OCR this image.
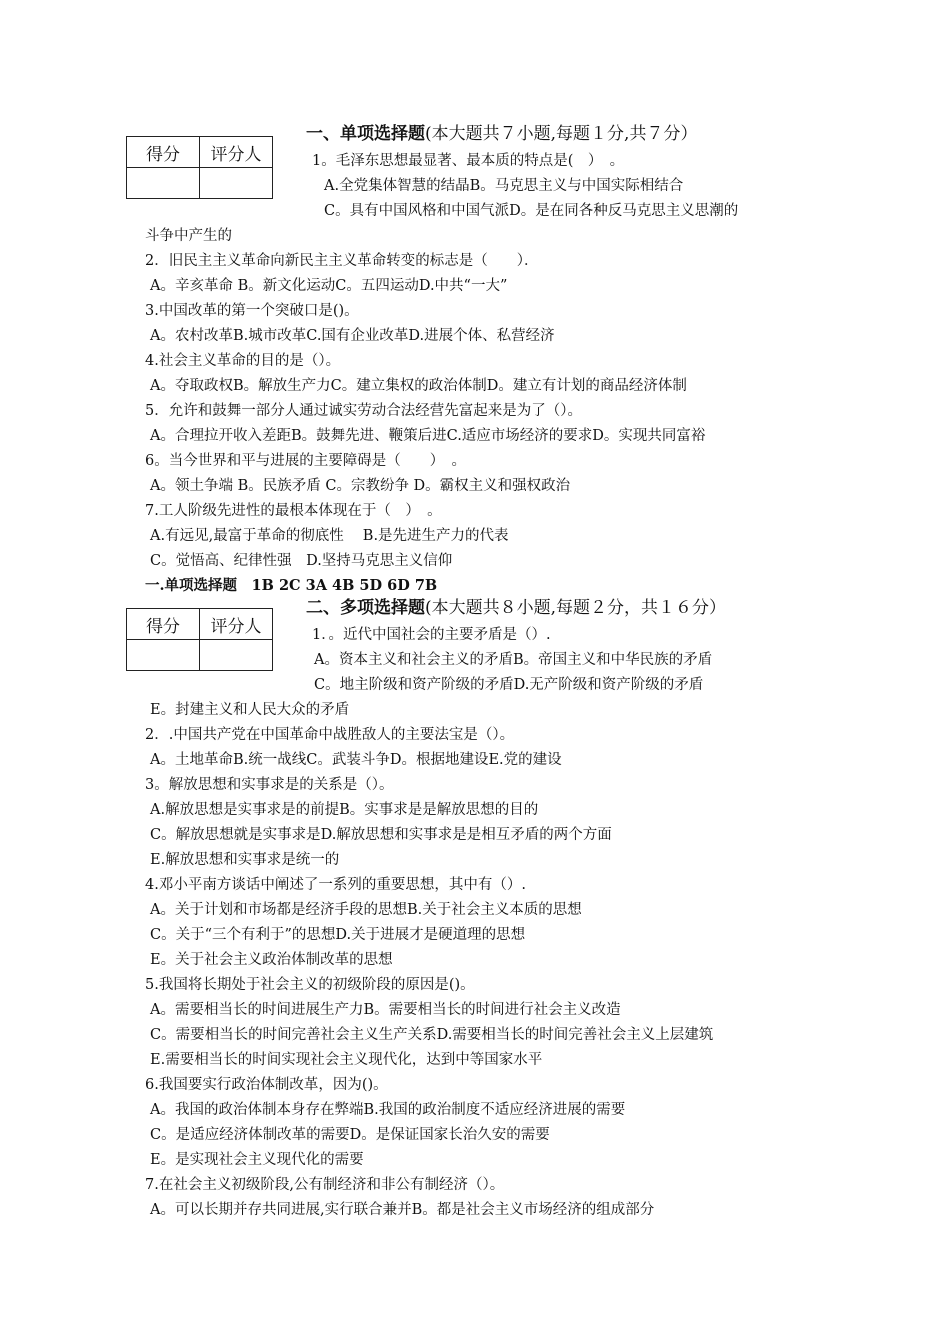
得分	评分人

一、单项选择题(本大题共７小题,每题１分,共７分）
1。毛泽东思想最显著、最本质的特点是(　）　。
A.全党集体智慧的结晶B。马克思主义与中国实际相结合
C。具有中国风格和中国气派D。是在同各种反马克思主义思潮的
斗争中产生的
2．旧民主主义革命向新民主主义革命转变的标志是（　　）．
A。辛亥革命 B。新文化运动C。五四运动D.中共“一大”
3.中国改革的第一个突破口是()。
A。农村改革B.城市改革C.国有企业改革D.进展个体、私营经济
4.社会主义革命的目的是（）。
A。夺取政权B。解放生产力C。建立集权的政治体制D。建立有计划的商品经济体制
5．允许和鼓舞一部分人通过诚实劳动合法经营先富起来是为了（）。
A。合理拉开收入差距B。鼓舞先进、鞭策后进C.适应市场经济的要求D。实现共同富裕
6。当今世界和平与进展的主要障碍是（　　）　。
A。领土争端 B。民族矛盾 C。宗教纷争 D。霸权主义和强权政治
7.工人阶级先进性的最根本体现在于（　）　。
A.有远见,最富于革命的彻底性　 B.是先进生产力的代表
C。觉悟高、纪律性强　D.坚持马克思主义信仰
一.单项选择题　1B 2C 3A 4B 5D 6D 7B
得分	评分人

二、多项选择题(本大题共８小题,每题２分，共１６分）
1．。近代中国社会的主要矛盾是（）.
A。资本主义和社会主义的矛盾B。帝国主义和中华民族的矛盾
C。地主阶级和资产阶级的矛盾D.无产阶级和资产阶级的矛盾
E。封建主义和人民大众的矛盾
2．.中国共产党在中国革命中战胜敌人的主要法宝是（）。
A。土地革命B.统一战线C。武装斗争D。根据地建设E.党的建设
3。解放思想和实事求是的关系是（）。
A.解放思想是实事求是的前提B。实事求是是解放思想的目的
C。解放思想就是实事求是D.解放思想和实事求是是相互矛盾的两个方面
E.解放思想和实事求是统一的
4.邓小平南方谈话中阐述了一系列的重要思想，其中有（）.
A。关于计划和市场都是经济手段的思想B.关于社会主义本质的思想
C。关于“三个有利于”的思想D.关于进展才是硬道理的思想
E。关于社会主义政治体制改革的思想
5.我国将长期处于社会主义的初级阶段的原因是()。
A。需要相当长的时间进展生产力B。需要相当长的时间进行社会主义改造
C。需要相当长的时间完善社会主义生产关系D.需要相当长的时间完善社会主义上层建筑
E.需要相当长的时间实现社会主义现代化，达到中等国家水平
6.我国要实行政治体制改革，因为()。
A。我国的政治体制本身存在弊端B.我国的政治制度不适应经济进展的需要
C。是适应经济体制改革的需要D。是保证国家长治久安的需要
E。是实现社会主义现代化的需要
7.在社会主义初级阶段,公有制经济和非公有制经济（）。
A。可以长期并存共同进展,实行联合兼并B。都是社会主义市场经济的组成部分
